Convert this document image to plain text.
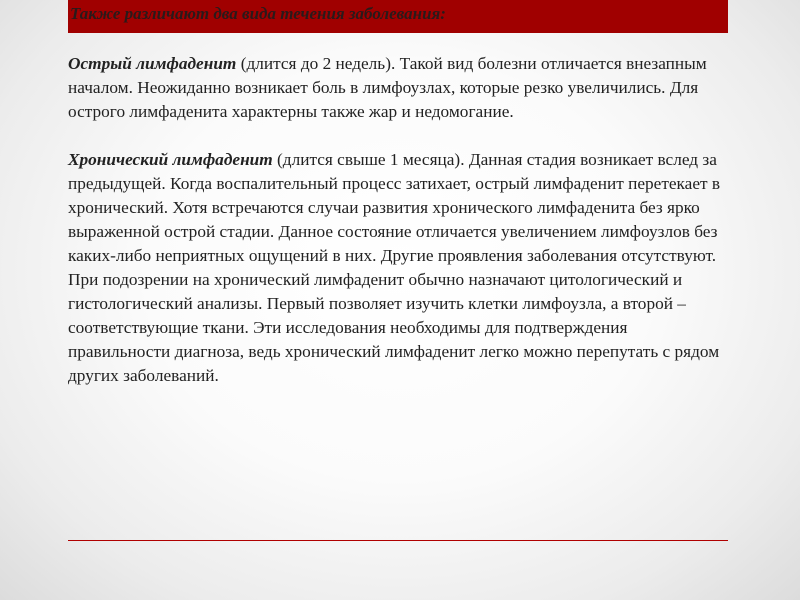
Также различают два вида течения заболевания:

Острый лимфаденит (длится до 2 недель). Такой вид болезни отличается внезапным началом. Неожиданно возникает боль в лимфоузлах, которые резко увеличились. Для острого лимфаденита характерны также жар и недомогание.

Хронический лимфаденит (длится свыше 1 месяца). Данная стадия возникает вслед за предыдущей. Когда воспалительный процесс затихает, острый лимфаденит перетекает в хронический. Хотя встречаются случаи развития хронического лимфаденита без ярко выраженной острой стадии. Данное состояние отличается увеличением лимфоузлов без каких-либо неприятных ощущений в них. Другие проявления заболевания отсутствуют. При подозрении на хронический лимфаденит обычно назначают цитологический и гистологический анализы. Первый позволяет изучить клетки лимфоузла, а второй – соответствующие ткани. Эти исследования необходимы для подтверждения правильности диагноза, ведь хронический лимфаденит легко можно перепутать с рядом других заболеваний.
